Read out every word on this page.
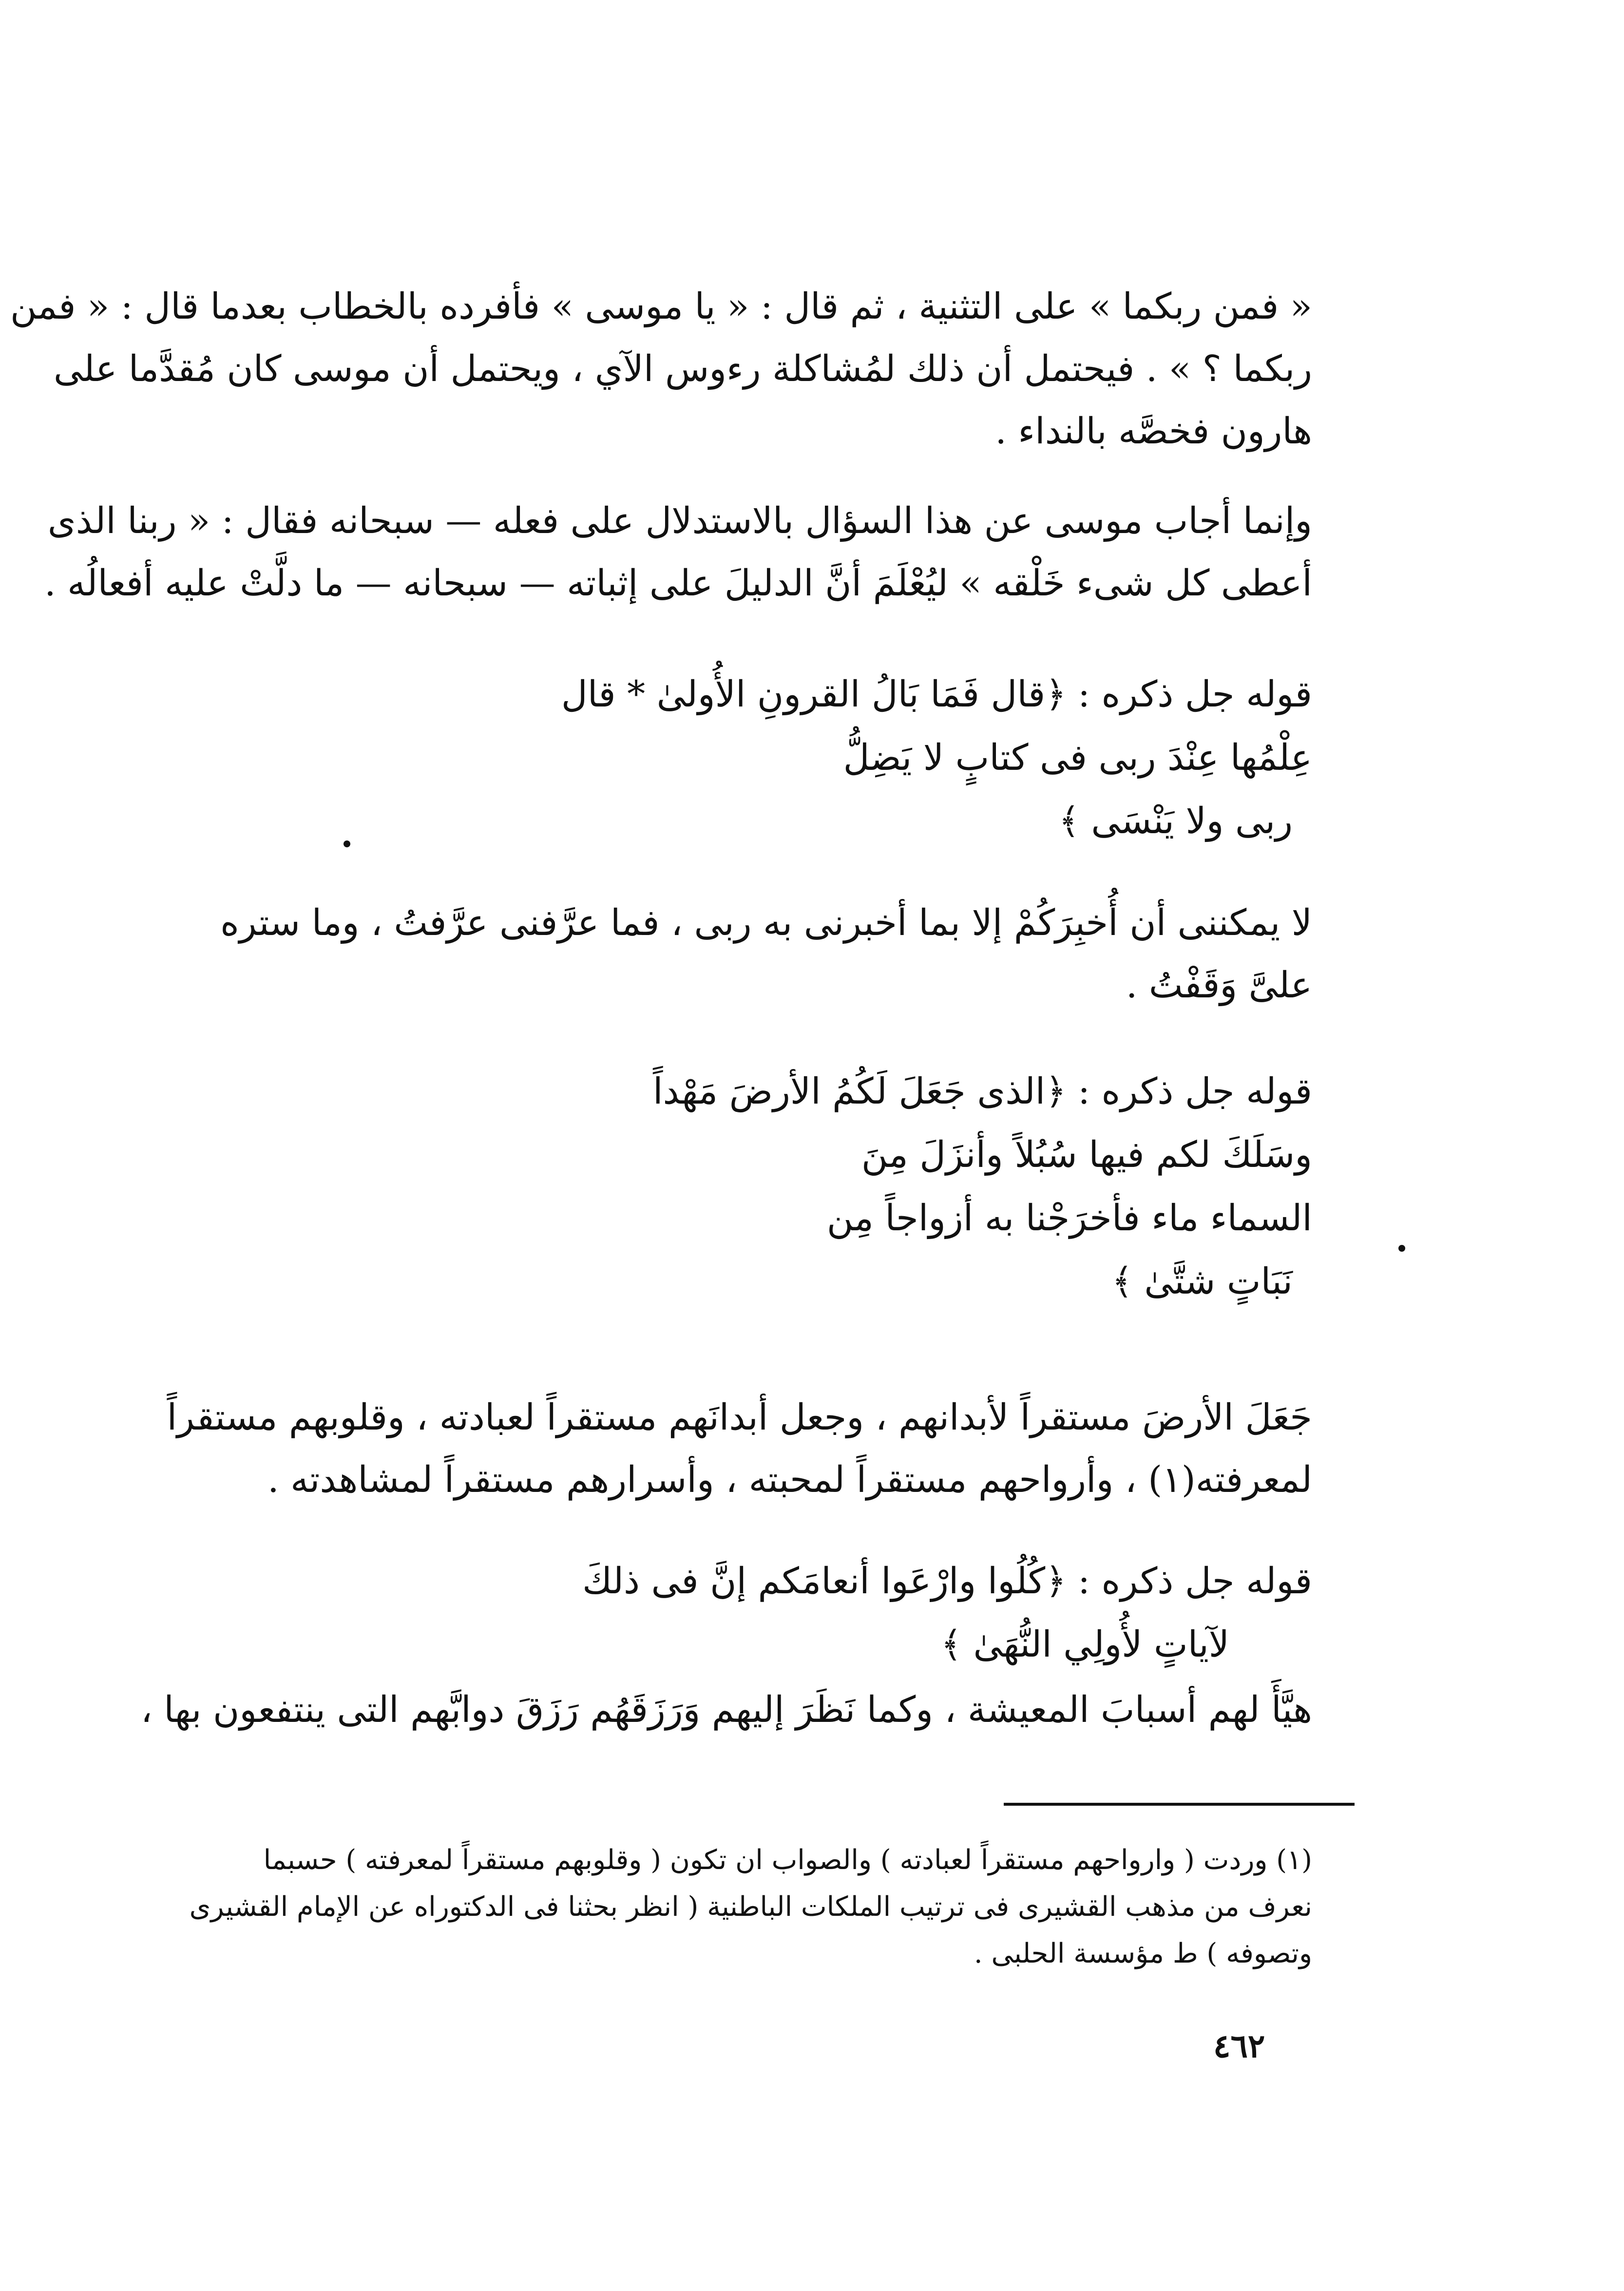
« فمن ربكما » على التثنية ، ثم قال : « يا موسى » فأفرده بالخطاب بعدما قال : « فمن
ربكما ؟ » . فيحتمل أن ذلك لمُشاكلة رءوس الآي ، ويحتمل أن موسى كان مُقدَّما على
هارون فخصَّه بالنداء .
وإنما أجاب موسى عن هذا السؤال بالاستدلال على فعله — سبحانه فقال : « ربنا الذى
أعطى كل شىء خَلْقه » ليُعْلَمَ أنَّ الدليلَ على إثباته — سبحانه — ما دلَّتْ عليه أفعالُه .
قوله جل ذكره : ﴿قال فَمَا بَالُ القرونِ الأُولىٰ * قال
عِلْمُها عِنْدَ ربى فى كتابٍ لا يَضِلُّ
ربى ولا يَنْسَى ﴾
لا يمكننى أن أُخبِرَكُمْ إلا بما أخبرنى به ربى ، فما عرَّفنى عرَّفتُ ، وما ستره
علىَّ وَقَفْتُ .
قوله جل ذكره : ﴿الذى جَعَلَ لَكُمُ الأرضَ مَهْداً
وسَلَكَ لكم فيها سُبُلاً وأنزَلَ مِنَ
السماء ماء فأخرَجْنا به أزواجاً مِن
نَبَاتٍ شتَّىٰ ﴾
جَعَلَ الأرضَ مستقراً لأبدانهم ، وجعل أبدانَهم مستقراً لعبادته ، وقلوبهم مستقراً
لمعرفته(١) ، وأرواحهم مستقراً لمحبته ، وأسرارهم مستقراً لمشاهدته .
قوله جل ذكره : ﴿كُلُوا وارْعَوا أنعامَكم إنَّ فى ذلكَ
لآياتٍ لأُولِي النُّهَىٰ ﴾
هيَّأَ لهم أسبابَ المعيشة ، وكما نَظَرَ إليهم وَرَزَقَهُم رَزَقَ دوابَّهم التى ينتفعون بها ،
(١) وردت ( وارواحهم مستقراً لعبادته ) والصواب ان تكون ( وقلوبهم مستقراً لمعرفته ) حسبما
نعرف من مذهب القشيرى فى ترتيب الملكات الباطنية ( انظر بحثنا فى الدكتوراه عن الإمام القشيرى
وتصوفه ) ط مؤسسة الحلبى .
٤٦٢
